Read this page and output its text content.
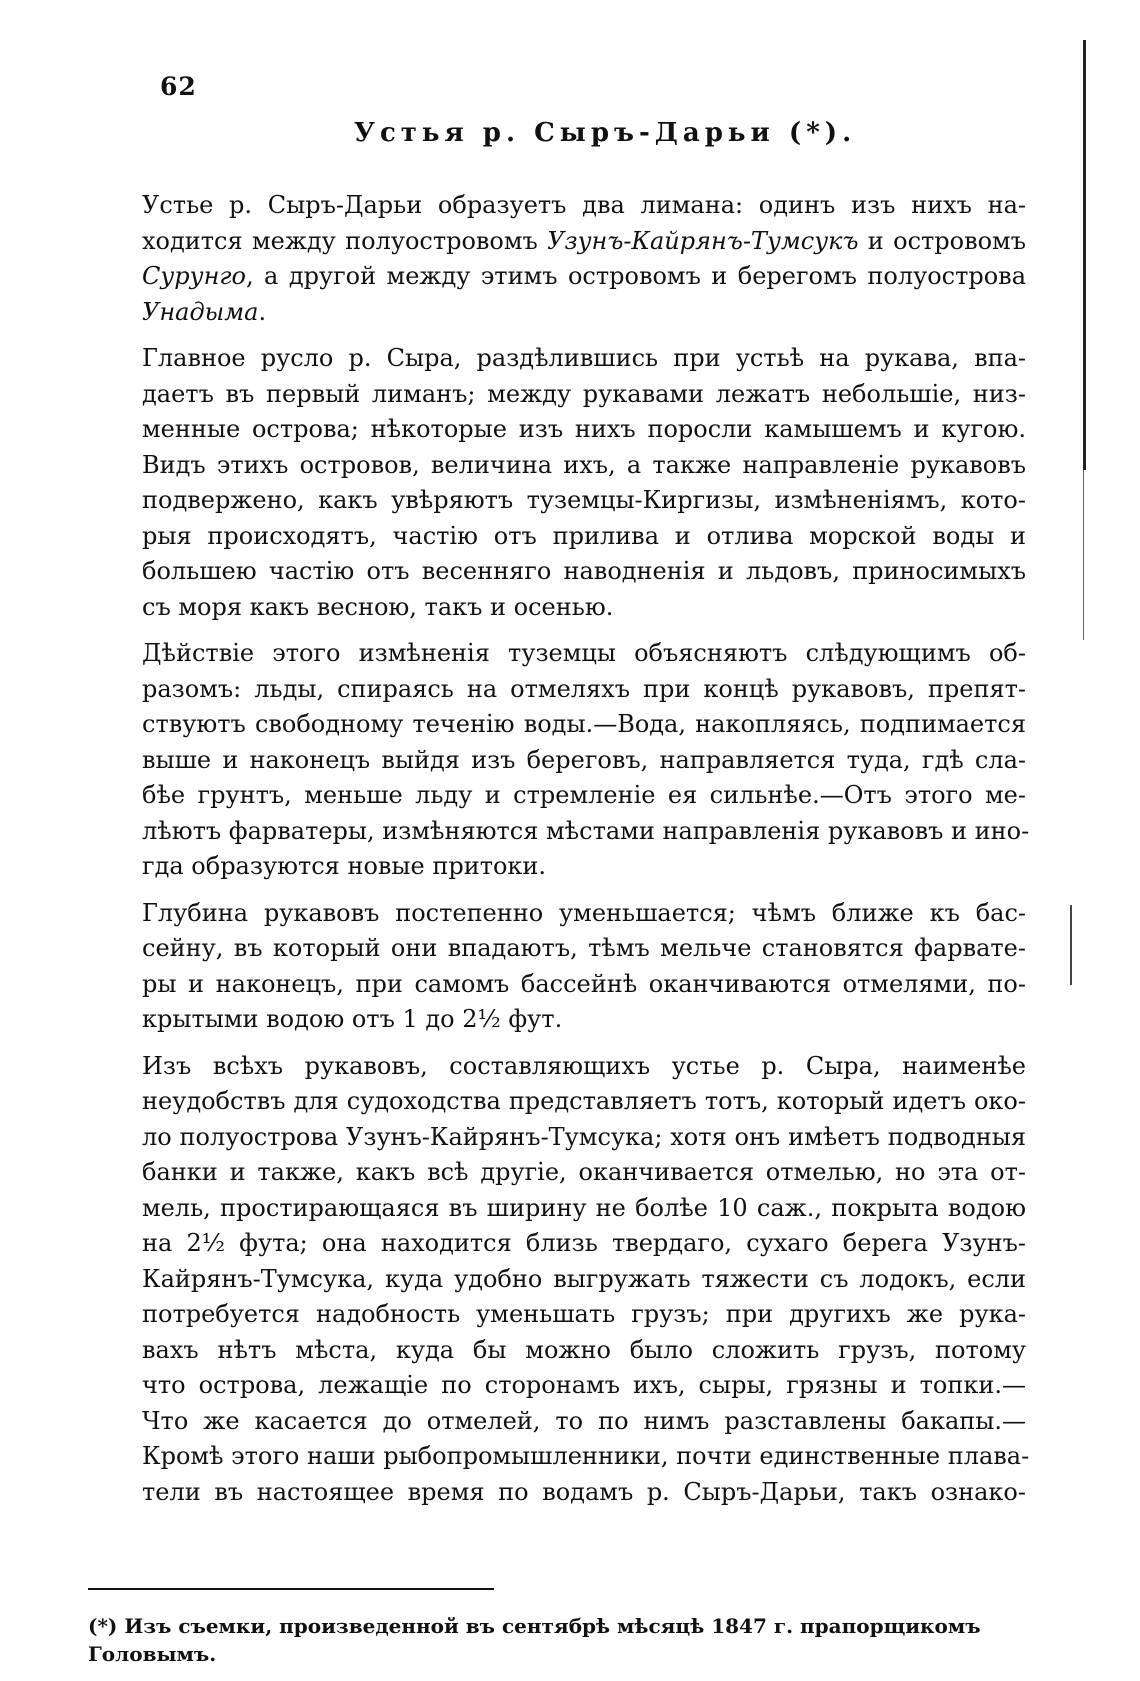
62
Устья р. Сыръ-Дарьи (*).

Устье р. Сыръ-Дарьи образуетъ два лимана: одинъ изъ нихъ на-
ходится между полуостровомъ Узунъ-Кайрянъ-Тумсукъ и островомъ
Сурунго, а другой между этимъ островомъ и берегомъ полуострова
Унадыма.

Главное русло р. Сыра, раздѣлившись при устьѣ на рукава, впа-
даетъ въ первый лиманъ; между рукавами лежатъ небольшіе, низ-
менные острова; нѣкоторые изъ нихъ поросли камышемъ и кугою.
Видъ этихъ островов, величина ихъ, а также направленіе рукавовъ
подвержено, какъ увѣряютъ туземцы-Киргизы, измѣненіямъ, кото-
рыя происходятъ, частію отъ прилива и отлива морской воды и
большею частію отъ весенняго наводненія и льдовъ, приносимыхъ
съ моря какъ весною, такъ и осенью.

Дѣйствіе этого измѣненія туземцы объясняютъ слѣдующимъ об-
разомъ: льды, спираясь на отмеляхъ при концѣ рукавовъ, препят-
ствуютъ свободному теченію воды.—Вода, накопляясь, подпимается
выше и наконецъ выйдя изъ береговъ, направляется туда, гдѣ сла-
бѣе грунтъ, меньше льду и стремленіе ея сильнѣе.—Отъ этого ме-
лѣютъ фарватеры, измѣняются мѣстами направленія рукавовъ и ино-
гда образуются новые притоки.

Глубина рукавовъ постепенно уменьшается; чѣмъ ближе къ бас-
сейну, въ который они впадаютъ, тѣмъ мельче становятся фарвате-
ры и наконецъ, при самомъ бассейнѣ оканчиваются отмелями, по-
крытыми водою отъ 1 до 2½ фут.

Изъ всѣхъ рукавовъ, составляющихъ устье р. Сыра, наименѣе
неудобствъ для судоходства представляетъ тотъ, который идетъ око-
ло полуострова Узунъ-Кайрянъ-Тумсука; хотя онъ имѣетъ подводныя
банки и также, какъ всѣ другіе, оканчивается отмелью, но эта от-
мель, простирающаяся въ ширину не болѣе 10 саж., покрыта водою
на 2½ фута; она находится близь твердаго, сухаго берега Узунъ-
Кайрянъ-Тумсука, куда удобно выгружать тяжести съ лодокъ, если
потребуется надобность уменьшать грузъ; при другихъ же рука-
вахъ нѣтъ мѣста, куда бы можно было сложить грузъ, потому
что острова, лежащіе по сторонамъ ихъ, сыры, грязны и топки.—
Что же касается до отмелей, то по нимъ разставлены бакапы.—
Кромѣ этого наши рыбопромышленники, почти единственные плава-
тели въ настоящее время по водамъ р. Сыръ-Дарьи, такъ ознако-

(*) Изъ съемки, произведенной въ сентябрѣ мѣсяцѣ 1847 г. прапорщикомъ Головымъ.
